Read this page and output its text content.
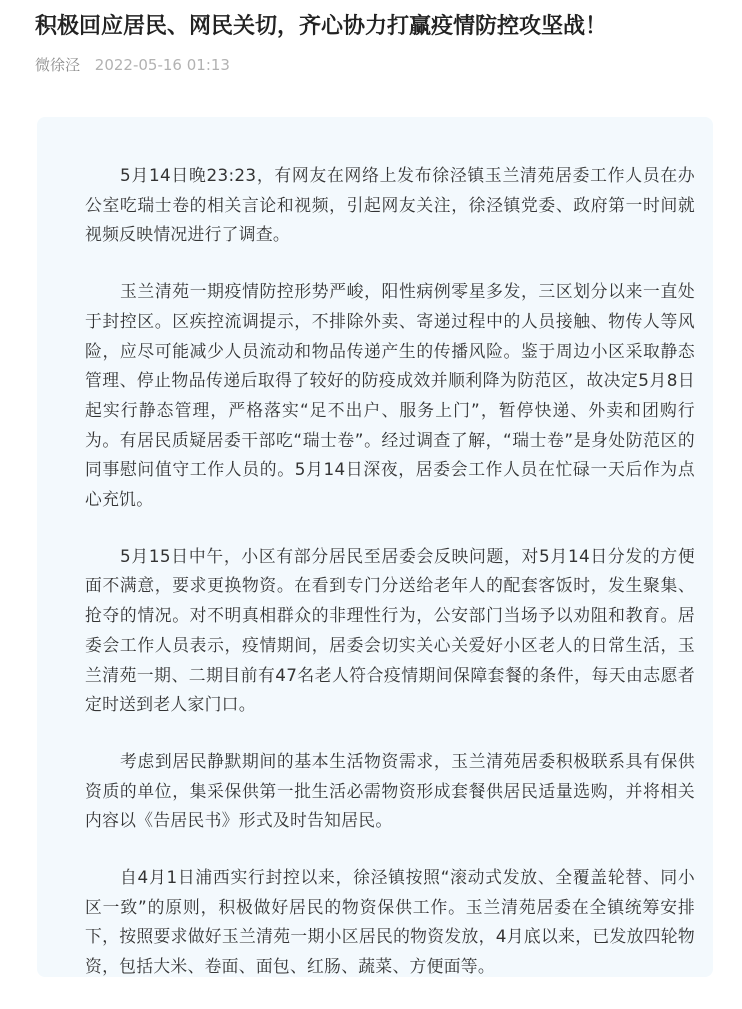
积极回应居民、网民关切，齐心协力打赢疫情防控攻坚战！
微徐泾 2022-05-16 01:13

5月14日晚23:23，有网友在网络上发布徐泾镇玉兰清苑居委工作人员在办公室吃瑞士卷的相关言论和视频，引起网友关注，徐泾镇党委、政府第一时间就视频反映情况进行了调查。

玉兰清苑一期疫情防控形势严峻，阳性病例零星多发，三区划分以来一直处于封控区。区疾控流调提示，不排除外卖、寄递过程中的人员接触、物传人等风险，应尽可能减少人员流动和物品传递产生的传播风险。鉴于周边小区采取静态管理、停止物品传递后取得了较好的防疫成效并顺利降为防范区，故决定5月8日起实行静态管理，严格落实“足不出户、服务上门”，暂停快递、外卖和团购行为。有居民质疑居委干部吃“瑞士卷”。经过调查了解，“瑞士卷”是身处防范区的同事慰问值守工作人员的。5月14日深夜，居委会工作人员在忙碌一天后作为点心充饥。

5月15日中午，小区有部分居民至居委会反映问题，对5月14日分发的方便面不满意，要求更换物资。在看到专门分送给老年人的配套客饭时，发生聚集、抢夺的情况。对不明真相群众的非理性行为，公安部门当场予以劝阻和教育。居委会工作人员表示，疫情期间，居委会切实关心关爱好小区老人的日常生活，玉兰清苑一期、二期目前有47名老人符合疫情期间保障套餐的条件，每天由志愿者定时送到老人家门口。

考虑到居民静默期间的基本生活物资需求，玉兰清苑居委积极联系具有保供资质的单位，集采保供第一批生活必需物资形成套餐供居民适量选购，并将相关内容以《告居民书》形式及时告知居民。

自4月1日浦西实行封控以来，徐泾镇按照“滚动式发放、全覆盖轮替、同小区一致”的原则，积极做好居民的物资保供工作。玉兰清苑居委在全镇统筹安排下，按照要求做好玉兰清苑一期小区居民的物资发放，4月底以来，已发放四轮物资，包括大米、卷面、面包、红肠、蔬菜、方便面等。
